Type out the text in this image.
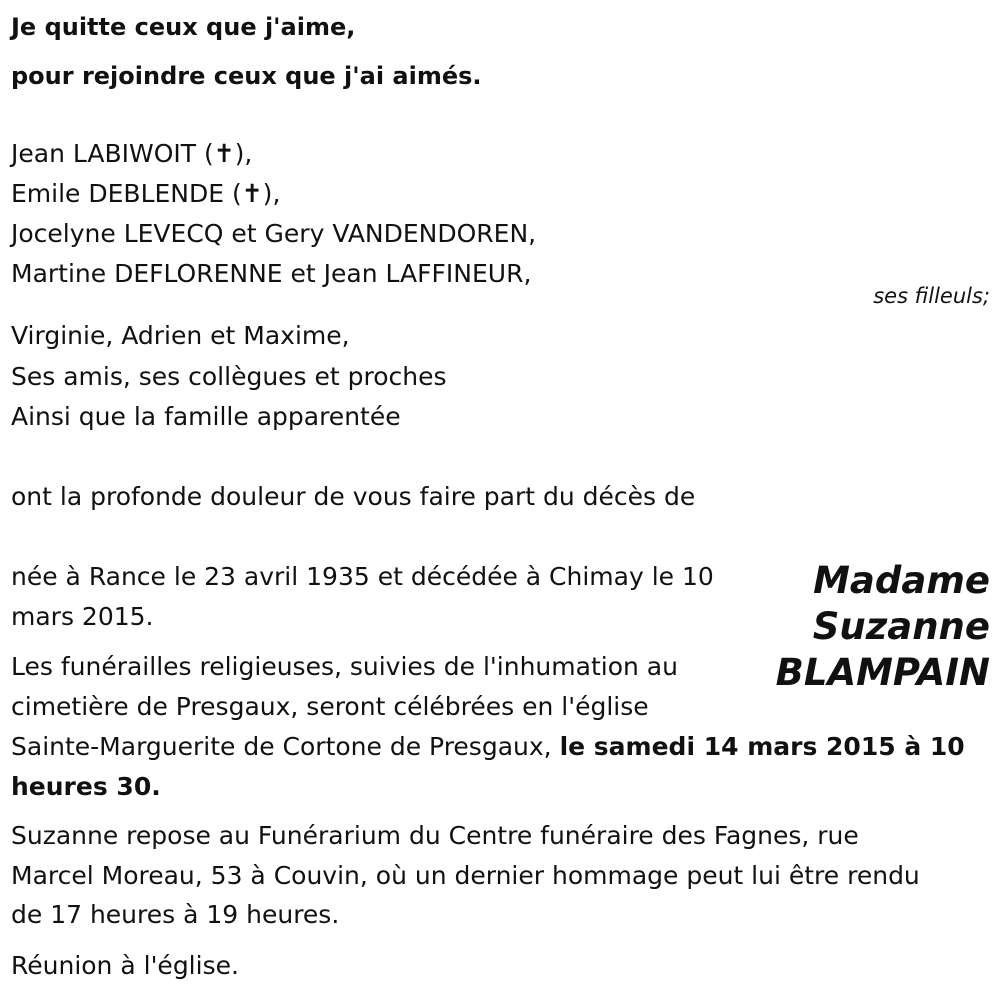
Je quitte ceux que j'aime,
pour rejoindre ceux que j'ai aimés.
Jean LABIWOIT (✝),
Emile DEBLENDE (✝),
Jocelyne LEVECQ et Gery VANDENDOREN,
Martine DEFLORENNE et Jean LAFFINEUR,
ses filleuls;
Virginie, Adrien et Maxime,
Ses amis, ses collègues et proches
Ainsi que la famille apparentée
ont la profonde douleur de vous faire part du décès de
Madame
Suzanne
BLAMPAIN
née à Rance le 23 avril 1935 et décédée à Chimay le 10
mars 2015.
Les funérailles religieuses, suivies de l'inhumation au
cimetière de Presgaux, seront célébrées en l'église
Sainte-Marguerite de Cortone de Presgaux, le samedi 14 mars 2015 à 10
heures 30.
Suzanne repose au Funérarium du Centre funéraire des Fagnes, rue
Marcel Moreau, 53 à Couvin, où un dernier hommage peut lui être rendu
de 17 heures à 19 heures.
Réunion à l'église.
